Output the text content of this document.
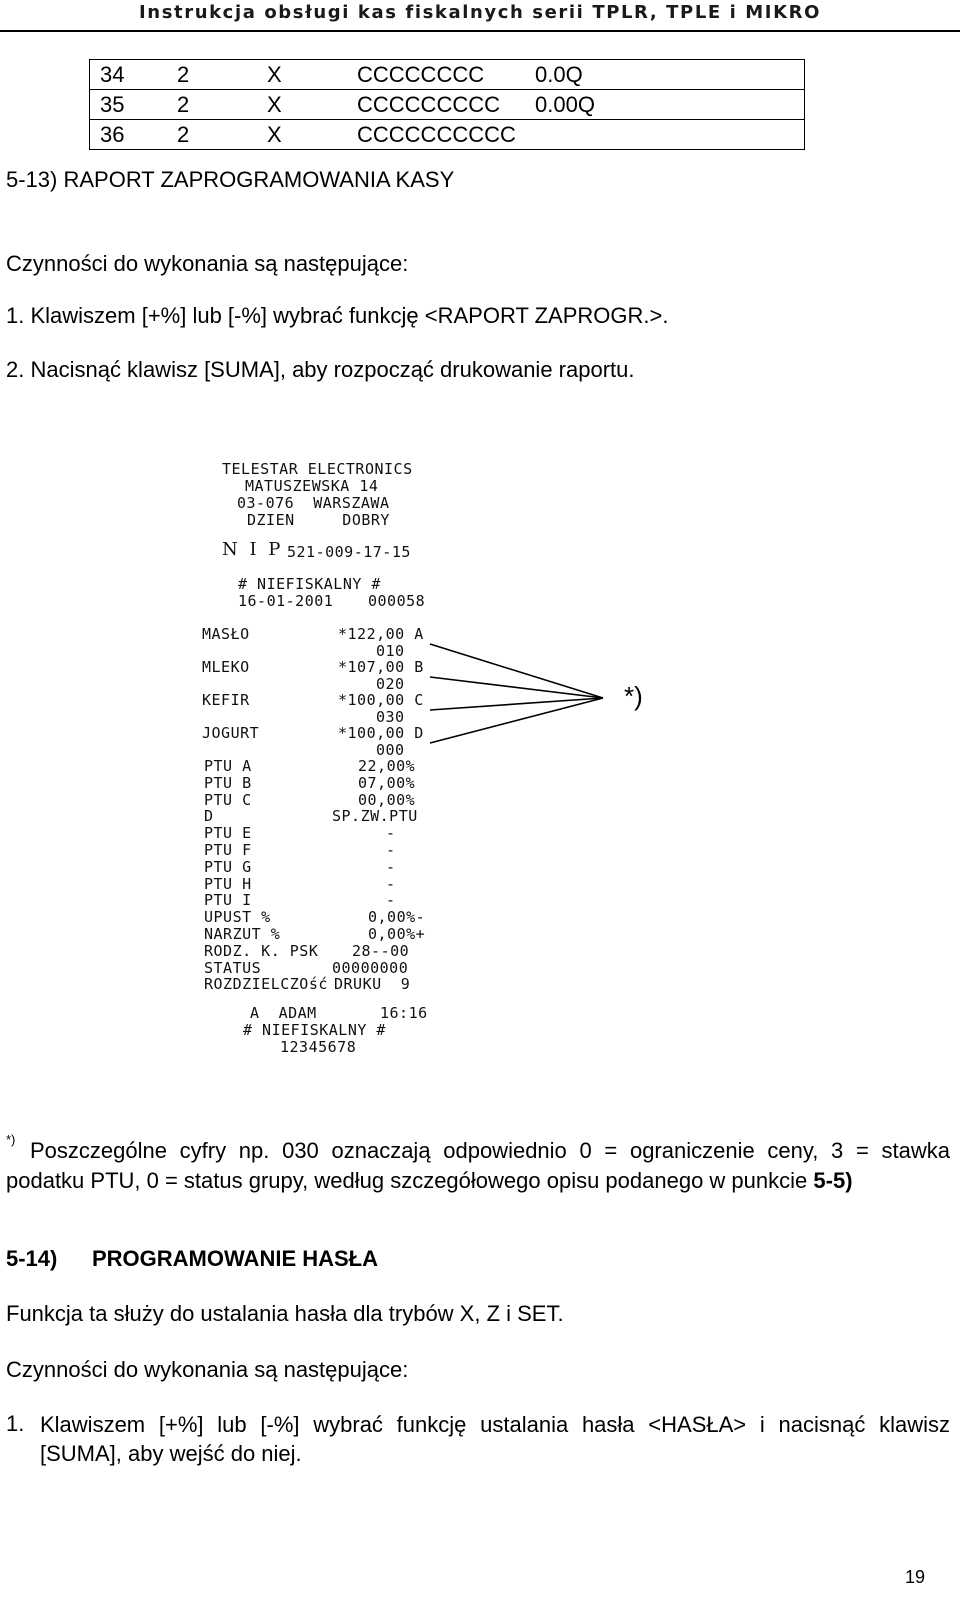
Instrukcja obsługi kas fiskalnych serii TPLR, TPLE i MIKRO
34	2	X	CCCCCCCC	0.0Q	
35	2	X	CCCCCCCCC	0.00Q	
36	2	X	CCCCCCCCCC		
5-13) RAPORT ZAPROGRAMOWANIA KASY
Czynności do wykonania są następujące:
1. Klawiszem [+%] lub [-%] wybrać funkcję <RAPORT ZAPROGR.>.
2. Nacisnąć klawisz [SUMA], aby rozpocząć drukowanie raportu.
TELESTAR ELECTRONICS
MATUSZEWSKA 14
03-076  WARSZAWA
DZIEN     DOBRY
N I P 521-009-17-15
# NIEFISKALNY #
16-01-2001 000058
MASŁO	*122,00 A
010
MLEKO	*107,00 B
020
KEFIR	*100,00 C
030
JOGURT	*100,00 D
000
PTU A	22,00%
PTU B	07,00%
PTU C	00,00%
D	SP.ZW.PTU
PTU E	-
PTU F	-
PTU G	-
PTU H	-
PTU I	-
UPUST %	0,00%-
NARZUT %	0,00%+
RODZ. K. PSK 28--00
STATUS	00000000
ROZDZIELCZOść DRUKU  9
A  ADAM	16:16
# NIEFISKALNY #
12345678
*)
*) Poszczególne cyfry np. 030 oznaczają odpowiednio 0 = ograniczenie ceny, 3 = stawka podatku PTU, 0 = status grupy, według szczegółowego opisu podanego w punkcie 5-5)
5-14) PROGRAMOWANIE HASŁA
Funkcja ta służy do ustalania hasła dla trybów X, Z i SET.
Czynności do wykonania są następujące:
1. Klawiszem [+%] lub [-%] wybrać funkcję ustalania hasła <HASŁA> i nacisnąć klawisz [SUMA], aby wejść do niej.
19
